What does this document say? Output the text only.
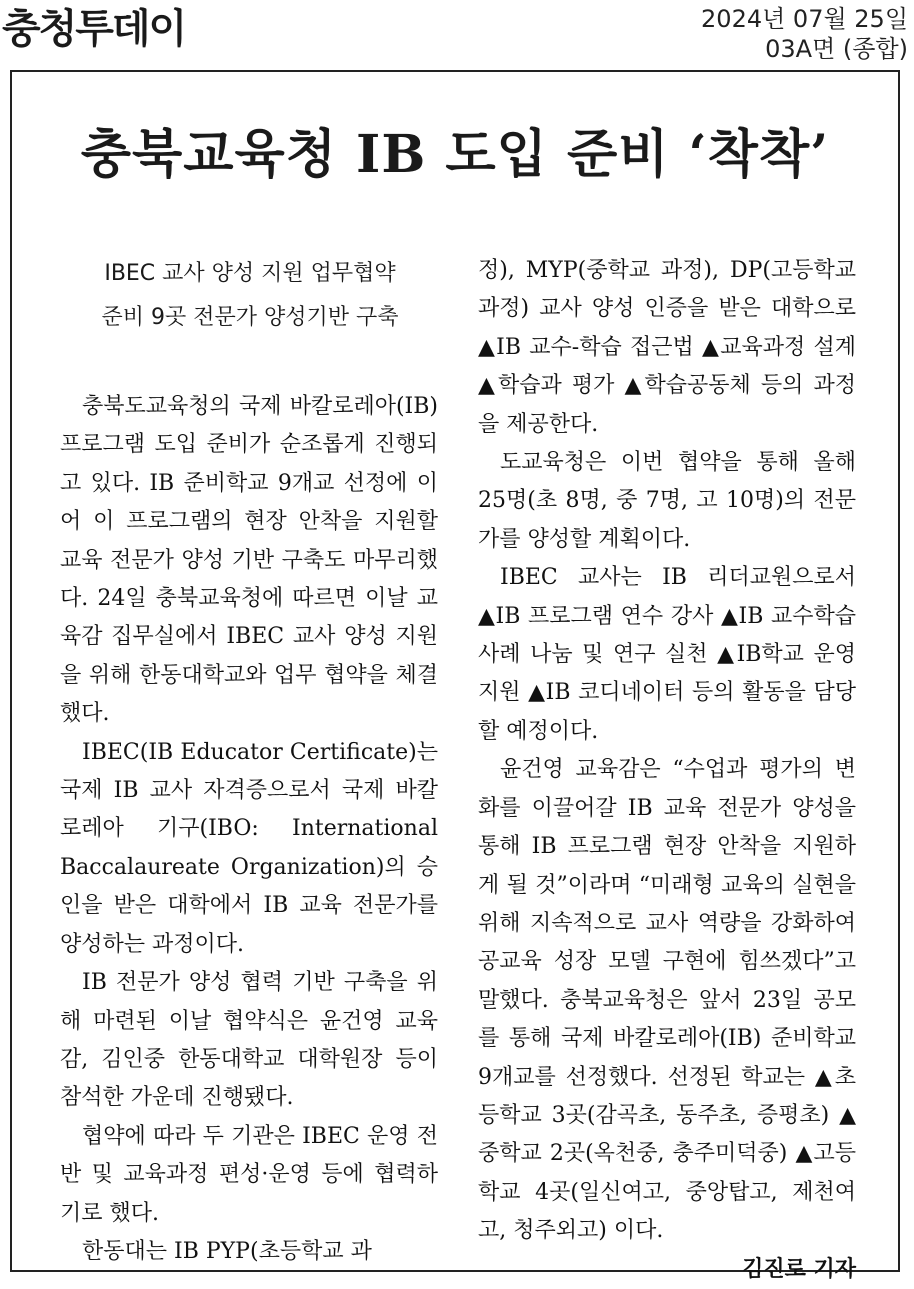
충청투데이	2024년 07월 25일
03A면 (종합)
충북교육청 IB 도입 준비 ‘착착’
IBEC 교사 양성 지원 업무협약
준비 9곳 전문가 양성기반 구축

충북도교육청의 국제 바칼로레아(IB) 프로그램 도입 준비가 순조롭게 진행되고 있다. IB 준비학교 9개교 선정에 이어 이 프로그램의 현장 안착을 지원할 교육 전문가 양성 기반 구축도 마무리했다. 24일 충북교육청에 따르면 이날 교육감 집무실에서 IBEC 교사 양성 지원을 위해 한동대학교와 업무 협약을 체결했다.

IBEC(IB Educator Certificate)는 국제 IB 교사 자격증으로서 국제 바칼로레아 기구(IBO: International Baccalaureate Organization)의 승인을 받은 대학에서 IB 교육 전문가를 양성하는 과정이다.

IB 전문가 양성 협력 기반 구축을 위해 마련된 이날 협약식은 윤건영 교육감, 김인중 한동대학교 대학원장 등이 참석한 가운데 진행됐다.

협약에 따라 두 기관은 IBEC 운영 전반 및 교육과정 편성·운영 등에 협력하기로 했다.

한동대는 IB PYP(초등학교 과

정), MYP(중학교 과정), DP(고등학교 과정) 교사 양성 인증을 받은 대학으로 ▲IB 교수-학습 접근법 ▲교육과정 설계 ▲학습과 평가 ▲학습공동체 등의 과정을 제공한다.

도교육청은 이번 협약을 통해 올해 25명(초 8명, 중 7명, 고 10명)의 전문가를 양성할 계획이다.

IBEC 교사는 IB 리더교원으로서 ▲IB 프로그램 연수 강사 ▲IB 교수학습 사례 나눔 및 연구 실천 ▲IB학교 운영 지원 ▲IB 코디네이터 등의 활동을 담당할 예정이다.

윤건영 교육감은 “수업과 평가의 변화를 이끌어갈 IB 교육 전문가 양성을 통해 IB 프로그램 현장 안착을 지원하게 될 것”이라며 “미래형 교육의 실현을 위해 지속적으로 교사 역량을 강화하여 공교육 성장 모델 구현에 힘쓰겠다”고 말했다. 충북교육청은 앞서 23일 공모를 통해 국제 바칼로레아(IB) 준비학교 9개교를 선정했다. 선정된 학교는 ▲초등학교 3곳(감곡초, 동주초, 증평초) ▲중학교 2곳(옥천중, 충주미덕중) ▲고등학교 4곳(일신여고, 중앙탑고, 제천여고, 청주외고) 이다.

김진로 기자
